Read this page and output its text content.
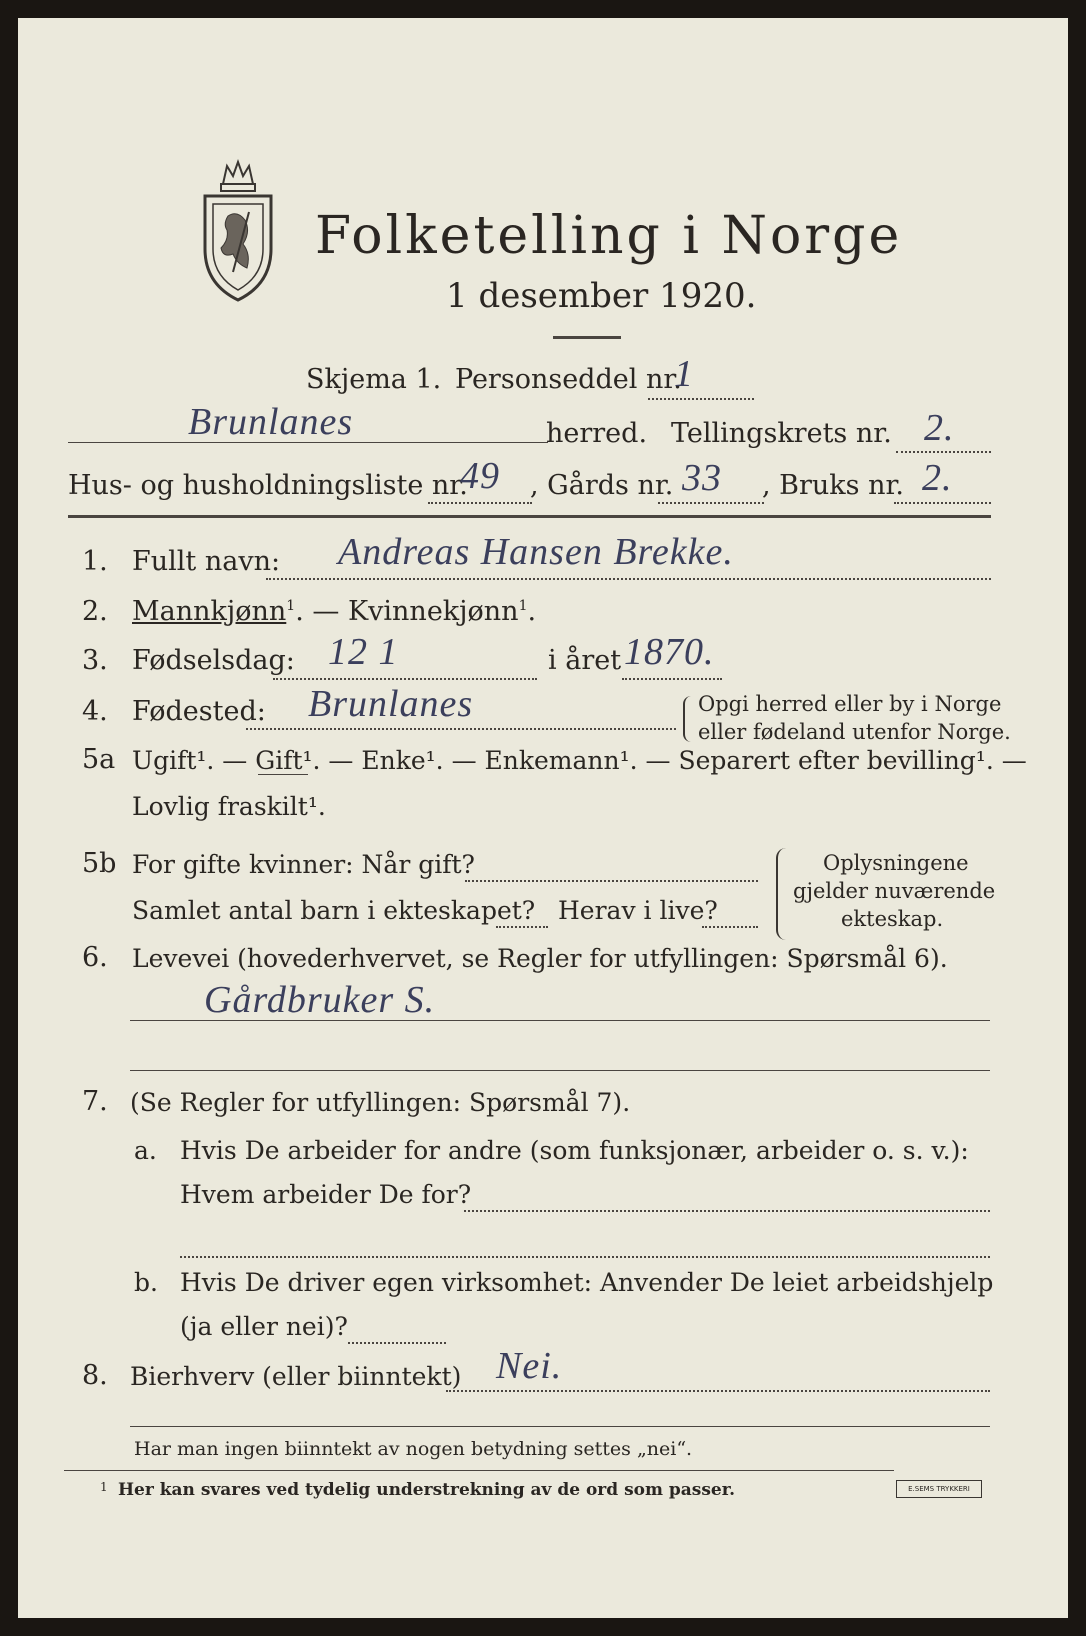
Folketelling i Norge
1 desember 1920.
Skjema 1. Personseddel nr.
1
Brunlanes	herred. Tellingskrets nr. 2.
Hus- og husholdningsliste nr.
49 , Gårds nr. 33 , Bruks nr. 2.
1. Fullt navn: Andreas Hansen Brekke.
2. Mannkjønn$^1$. — Kvinnekjønn$^1$.
3. Fødselsdag: 12 1	i året 1870.
4. Fødested: Brunlanes	Opgi herred eller by i Norge
eller fødeland utenfor Norge.
5a Ugift¹. — Gift¹. — Enke¹. — Enkemann¹. — Separert efter bevilling¹. —
Lovlig fraskilt¹.
5b For gifte kvinner: Når gift?
Samlet antal barn i ekteskapet? Herav i live?
Oplysningene
gjelder nuværende
ekteskap.
6. Levevei (hovederhvervet, se Regler for utfyllingen: Spørsmål 6).
Gårdbruker S.
7. (Se Regler for utfyllingen: Spørsmål 7).
a. Hvis De arbeider for andre (som funksjonær, arbeider o. s. v.):
Hvem arbeider De for?
b. Hvis De driver egen virksomhet: Anvender De leiet arbeidshjelp
(ja eller nei)?
8. Bierhverv (eller biinntekt) Nei.
Har man ingen biinntekt av nogen betydning settes „nei“.
1 Her kan svares ved tydelig understrekning av de ord som passer.	E.SEMS TRYKKERI
